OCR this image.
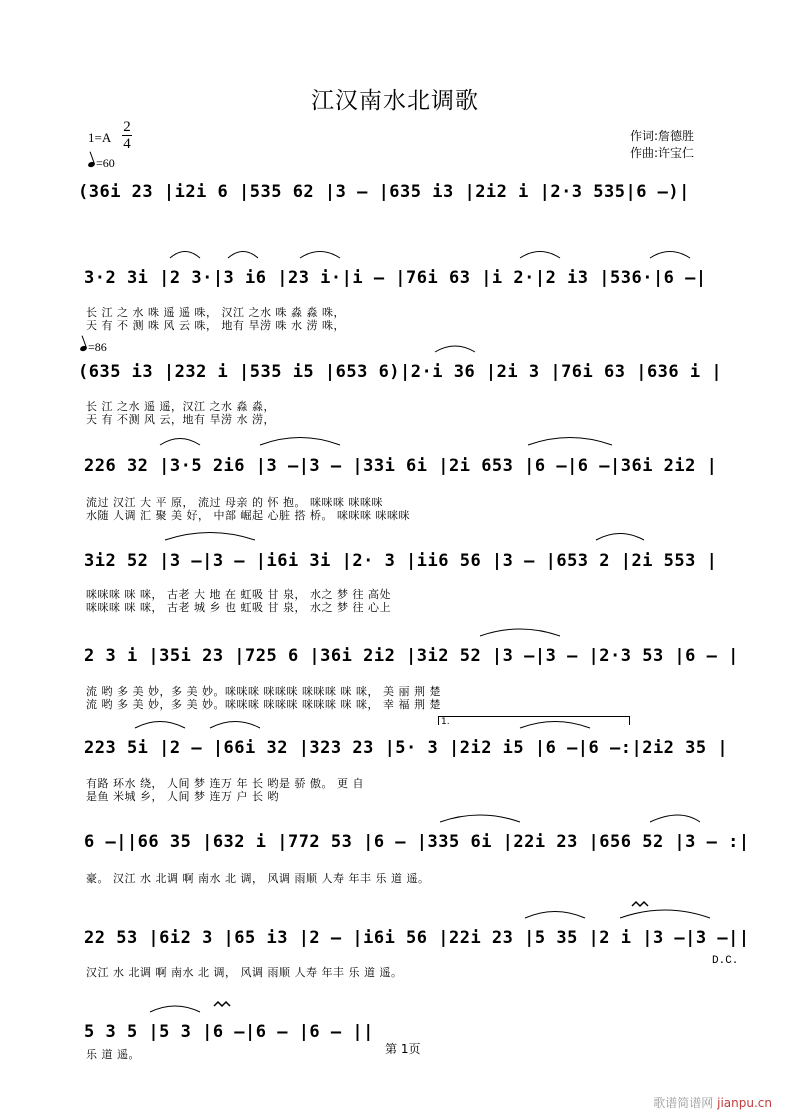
江汉南水北调歌
1=A
2
4
=60
作词:詹德胜
作曲:许宝仁
(36i 23 |i2i 6 |535 62 |3 – |635 i3 |2i2 i |2·3 535|6 –)|
3·2 3i |2 3·|3 i6 |23 i·|i – |76i 63 |i 2·|2 i3 |536·|6 –|
长 江 之 水 咮 遥 遥 咮， 汉江 之水 咮 淼 淼 咮，
天 有 不 测 咮 风 云 咮， 地有 旱涝 咮 水 涝 咮，
=86
(635 i3 |232 i |535 i5 |653 6)|2·i 36 |2i 3 |76i 63 |636 i |
长 江 之水 遥 遥，汉江 之水 淼 淼，
天 有 不测 风 云，地有 旱涝 水 涝，
226 32 |3·5 2i6 |3 –|3 – |33i 6i |2i 653 |6 –|6 –|36i 2i2 |
流过 汉江 大 平 原， 流过 母亲 的 怀 抱。 咪咪咪 咪咪咪
水随 人调 汇 聚 美 好， 中部 崛起 心脏 搭 桥。 咪咪咪 咪咪咪
3i2 52 |3 –|3 – |i6i 3i |2· 3 |ii6 56 |3 – |653 2 |2i 553 |
咪咪咪 咪 咪， 古老 大 地 在 虹吸 甘 泉， 水之 梦 往 高处
咪咪咪 咪 咪， 古老 城 乡 也 虹吸 甘 泉， 水之 梦 往 心上
2 3 i |35i 23 |725 6 |36i 2i2 |3i2 52 |3 –|3 – |2·3 53 |6 – |
流 哟 多 美 妙，多 美 妙。咪咪咪 咪咪咪 咪咪咪 咪 咪， 美 丽 荆 楚
流 哟 多 美 妙，多 美 妙。咪咪咪 咪咪咪 咪咪咪 咪 咪， 幸 福 荆 楚
1.
223 5i |2 – |66i 32 |323 23 |5· 3 |2i2 i5 |6 –|6 –:|2i2 35 |
有路 环水 绕， 人间 梦 连万 年 长 哟是 骄 傲。 更 自
是鱼 米城 乡， 人间 梦 连万 户 长 哟
6 –||66 35 |632 i |772 53 |6 – |335 6i |22i 23 |656 52 |3 – :|
豪。 汉江 水 北调 啊 南水 北 调， 风调 雨顺 人寿 年丰 乐 道 遥。
22 53 |6i2 3 |65 i3 |2 – |i6i 56 |22i 23 |5 35 |2 i |3 –|3 –||
汉江 水 北调 啊 南水 北 调， 风调 雨顺 人寿 年丰 乐 道 遥。
D.C.
5 3 5 |5 3 |6 –|6 – |6 – ||
乐 道 遥。	第 1页
歌谱简谱网 jianpu.cn
